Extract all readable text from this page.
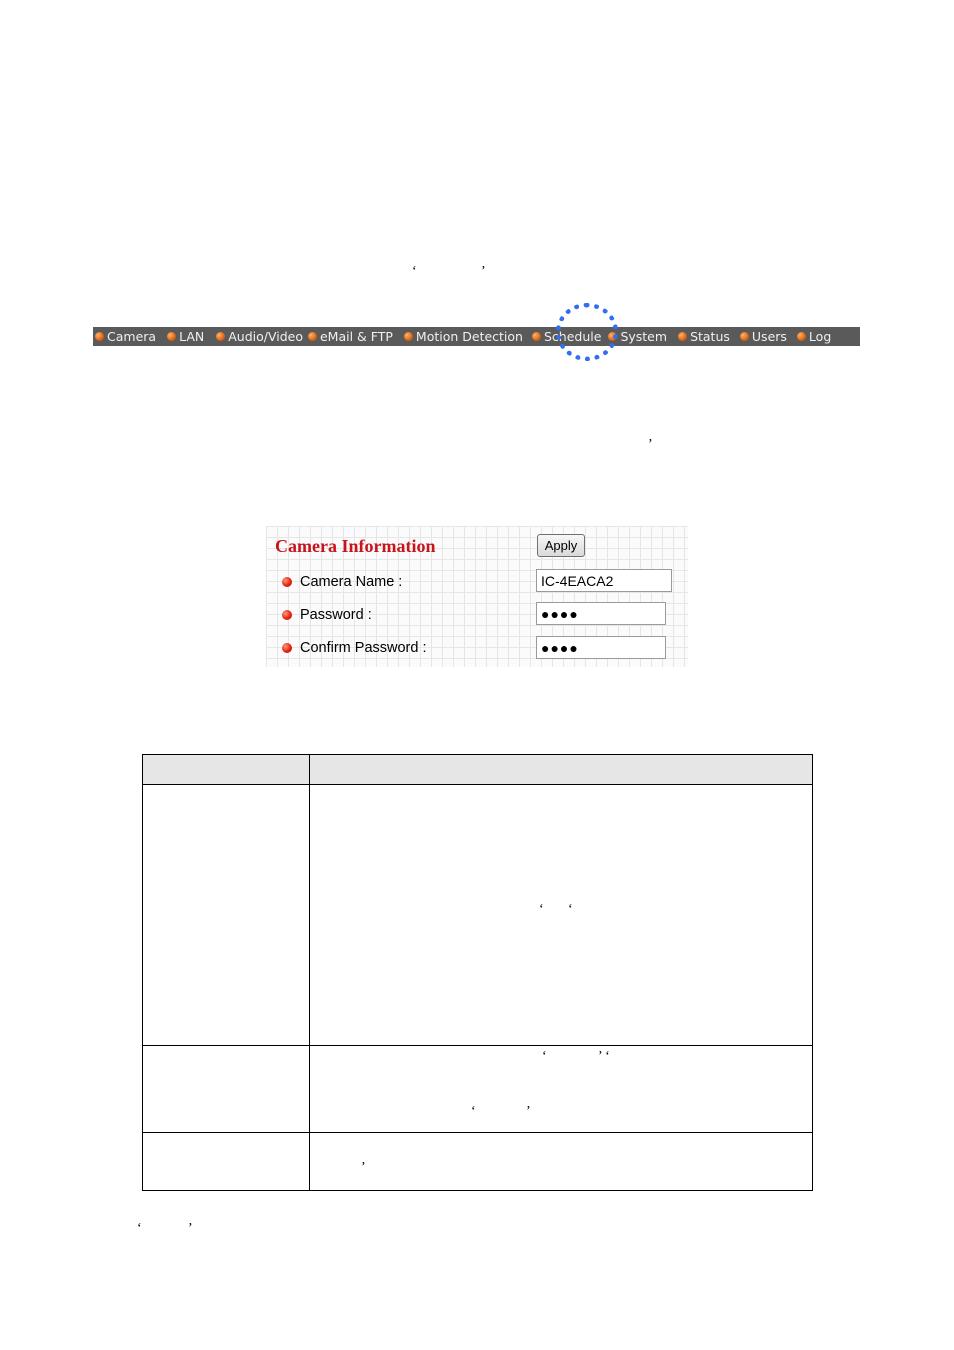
‘	’
Camera LAN Audio/Video eMail & FTP Motion Detection Schedule System Status Users Log
’
Camera Information	Apply
Camera Name :
IC-4EACA2
Password :
●●●●
Confirm Password :
●●●●

	‘ ‘

	‘ ’ ‘
‘ ’

	’
‘	’
